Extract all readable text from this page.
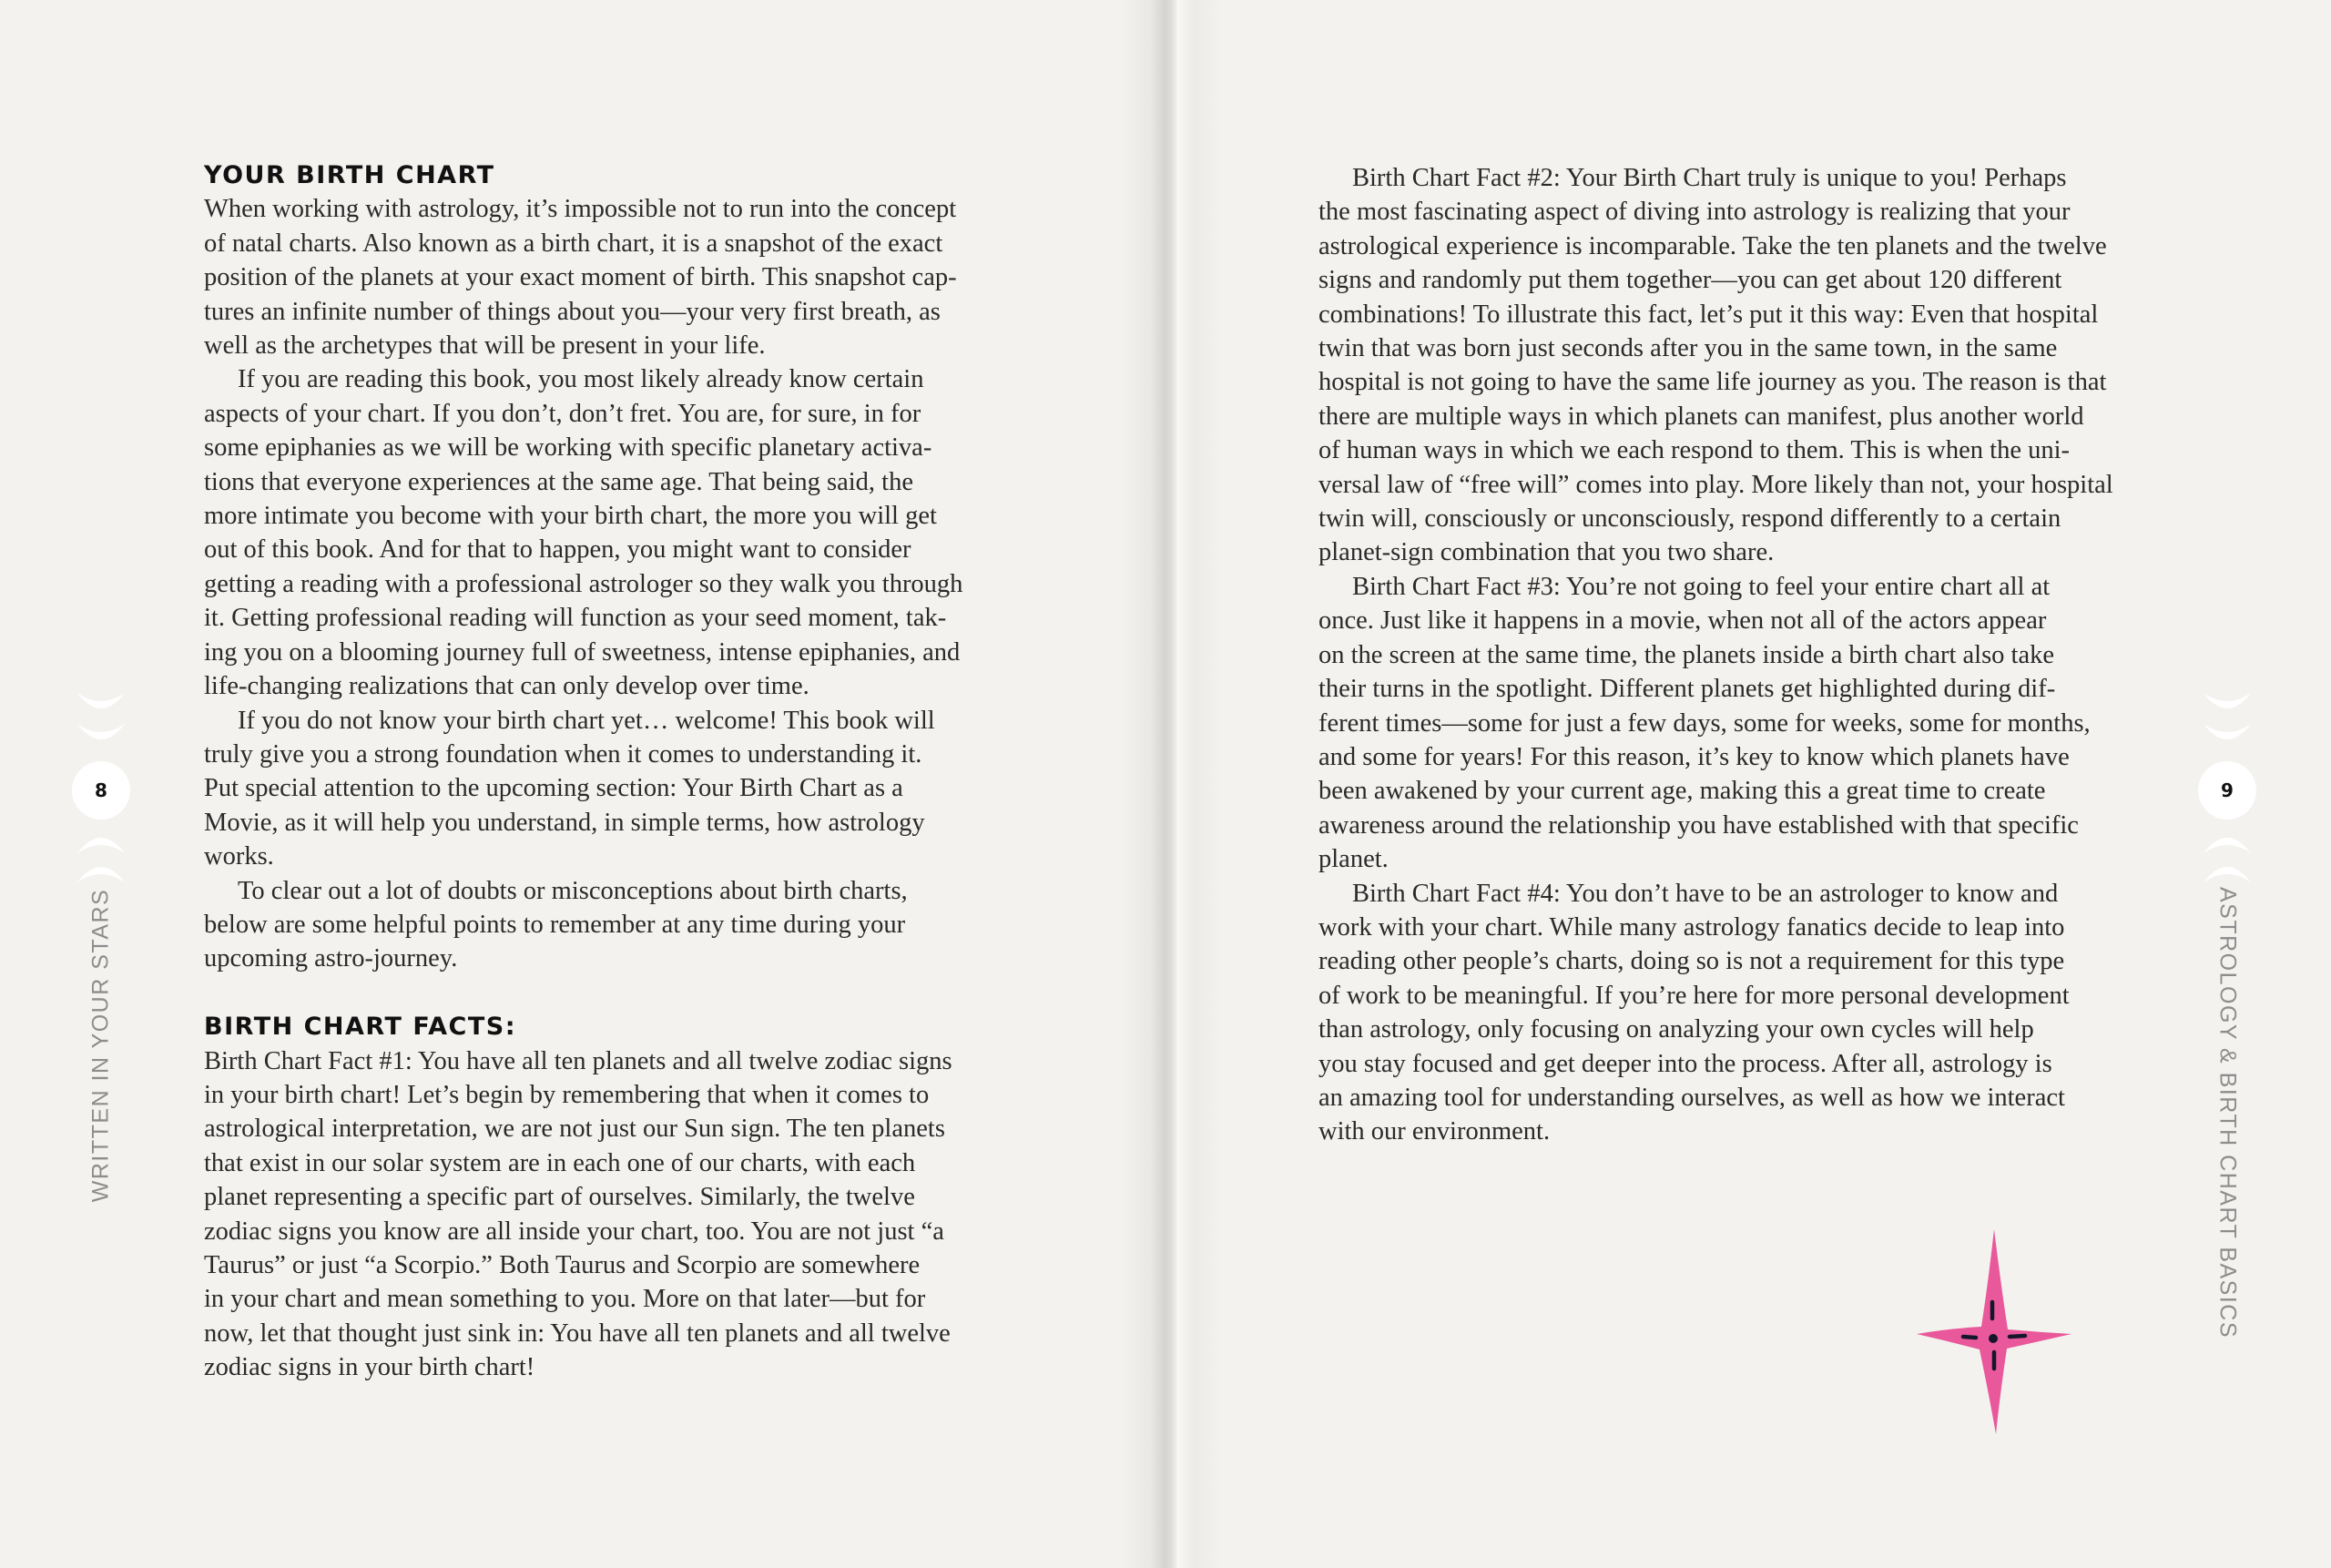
YOUR BIRTH CHART
When working with astrology, it’s impossible not to run into the concept
of natal charts. Also known as a birth chart, it is a snapshot of the exact
position of the planets at your exact moment of birth. This snapshot cap-
tures an infinite number of things about you—your very first breath, as
well as the archetypes that will be present in your life.
If you are reading this book, you most likely already know certain
aspects of your chart. If you don’t, don’t fret. You are, for sure, in for
some epiphanies as we will be working with specific planetary activa-
tions that everyone experiences at the same age. That being said, the
more intimate you become with your birth chart, the more you will get
out of this book. And for that to happen, you might want to consider
getting a reading with a professional astrologer so they walk you through
it. Getting professional reading will function as your seed moment, tak-
ing you on a blooming journey full of sweetness, intense epiphanies, and
life-changing realizations that can only develop over time.
If you do not know your birth chart yet… welcome! This book will
truly give you a strong foundation when it comes to understanding it.
Put special attention to the upcoming section: Your Birth Chart as a
Movie, as it will help you understand, in simple terms, how astrology
works.
To clear out a lot of doubts or misconceptions about birth charts,
below are some helpful points to remember at any time during your
upcoming astro-journey.
BIRTH CHART FACTS:
Birth Chart Fact #1: You have all ten planets and all twelve zodiac signs
in your birth chart! Let’s begin by remembering that when it comes to
astrological interpretation, we are not just our Sun sign. The ten planets
that exist in our solar system are in each one of our charts, with each
planet representing a specific part of ourselves. Similarly, the twelve
zodiac signs you know are all inside your chart, too. You are not just “a
Taurus” or just “a Scorpio.” Both Taurus and Scorpio are somewhere
in your chart and mean something to you. More on that later—but for
now, let that thought just sink in: You have all ten planets and all twelve
zodiac signs in your birth chart!
Birth Chart Fact #2: Your Birth Chart truly is unique to you! Perhaps
the most fascinating aspect of diving into astrology is realizing that your
astrological experience is incomparable. Take the ten planets and the twelve
signs and randomly put them together—you can get about 120 different
combinations! To illustrate this fact, let’s put it this way: Even that hospital
twin that was born just seconds after you in the same town, in the same
hospital is not going to have the same life journey as you. The reason is that
there are multiple ways in which planets can manifest, plus another world
of human ways in which we each respond to them. This is when the uni-
versal law of “free will” comes into play. More likely than not, your hospital
twin will, consciously or unconsciously, respond differently to a certain
planet-sign combination that you two share.
Birth Chart Fact #3: You’re not going to feel your entire chart all at
once. Just like it happens in a movie, when not all of the actors appear
on the screen at the same time, the planets inside a birth chart also take
their turns in the spotlight. Different planets get highlighted during dif-
ferent times—some for just a few days, some for weeks, some for months,
and some for years! For this reason, it’s key to know which planets have
been awakened by your current age, making this a great time to create
awareness around the relationship you have established with that specific
planet.
Birth Chart Fact #4: You don’t have to be an astrologer to know and
work with your chart. While many astrology fanatics decide to leap into
reading other people’s charts, doing so is not a requirement for this type
of work to be meaningful. If you’re here for more personal development
than astrology, only focusing on analyzing your own cycles will help
you stay focused and get deeper into the process. After all, astrology is
an amazing tool for understanding ourselves, as well as how we interact
with our environment.
8
WRITTEN IN YOUR STARS
9
ASTROLOGY & BIRTH CHART BASICS
